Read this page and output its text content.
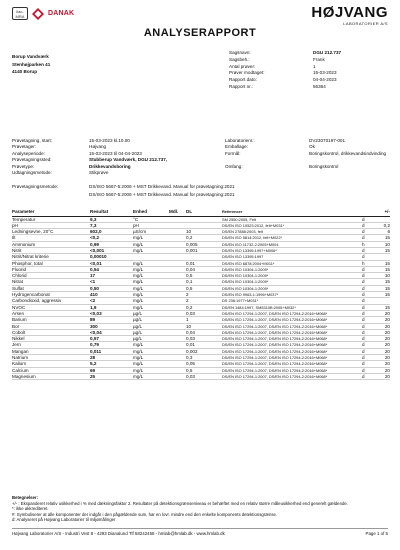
ilac-MRA	DANAK	HØJVANG
LABORATORIER A/S
ANALYSERAPPORT
Borup Vandværk
Stenhøjparken 41
4140 Borup
Sagsnavn:	DGU 212.737
Sagsbeh.:	Frank
Antal prøver:	1
Prøver modtaget:	15-03-2023
Rapport dato:	04-04-2023
Rapport nr.:	56364
Prøvetagning, start:	15-03-2023 kl.10.00	Laboratorienr.:	DV23070197-001
Prøvetager:	Højvang	Emballage:	Ok
Analyseperiode:	15-03-2023 til 04-04-2023	Formål:	Boringskontrol, drikkevandsindvinding
Prøvetagningssted:	Stubberup Vandværk, DGU 212.737,
Prøvetype:	Drikkevandsboring	Omfang:	Boringskontrol
Udtagningsmetode:	Stikprøve
Prøvetagningsmetode:	DS/ISO 5667-5:2006 + MST Drikkevand. Manual for prøvetagning:2021
DS/ISO 5667-5:2006 + MST Drikkevand. Manual for prøvetagning:2021
Parameter	Resultat	Enhed	Mdl.	DL	Referencer		+/-
Temperatur	9,3	°C			SM 2550:2005, Felt	d	
pH	7,3	pH			DS/EN ISO 10523:2012, felt+M031*	d	0,2
Ledningsevne, 20°C	602,0	µS/cm		10	DS/EN 27888:2003, felt	d	6
Ilt	<0,2	mg/L		0,2	DS/EN ISO 5814:2012, felt+M022*	d	15
Ammonium	0,99	mg/L		0,005	DS/EN ISO 11732-2:2005+M004	h	10
Nitrit	<0,001	mg/L		0,001	DS/EN ISO 13395:1997+M006*	d	15
Nitrit/Nitrat kriterie	0,00010				DS/EN ISO 13395:1997	d	
Phosphor, total	<0,01	mg/L		0,01	DS/EN ISO 6878:2004+M011*	h	15
Fluorid	0,54	mg/L		0,04	DS/EN ISO 10304-1:2009*	d	15
Chlorid	17	mg/L		0,5	DS/EN ISO 10304-1:2009*	d	10
Nitrat	<1	mg/L		0,1	DS/EN ISO 10304-1:2009*	d	15
Sulfat	0,50	mg/L		0,5	DS/EN ISO 10304-1:2009*	d	15
Hydrogencarbonat	410	mg/L		2	DS/EN ISO 9963-1:1996+M037*	d	15
Carbondioxid, aggressiv	<2	mg/L		2	DS 236:1977+M031*	d	
NVOC	1,9	mg/L		0,2	DS/EN 1484:1997, SM5310B:2005+M032*	d	15
Arsen	<0,03	µg/L		0,03	DS/EN ISO 17294-1:2007, DS/EN ISO 17294-2:2016+M068*	d	20
Barium	89	µg/L		1	DS/EN ISO 17294-1:2007, DS/EN ISO 17294-2:2016+M068*	d	20
Bor	300	µg/L		10	DS/EN ISO 17294-1:2007, DS/EN ISO 17294-2:2016+M068*	d	20
Cobolt	<0,04	µg/L		0,04	DS/EN ISO 17294-1:2007, DS/EN ISO 17294-2:2016+M068*	d	20
Nikkel	0,57	µg/L		0,03	DS/EN ISO 17294-1:2007, DS/EN ISO 17294-2:2016+M068*	d	20
Jern	0,79	mg/L		0,01	DS/EN ISO 17294-1:2007, DS/EN ISO 17294-2:2016+M068*	d	20
Mangan	0,011	mg/L		0,002	DS/EN ISO 17294-1:2007, DS/EN ISO 17294-2:2016+M068*	d	20
Natrium	28	mg/L		0,3	DS/EN ISO 17294-1:2007, DS/EN ISO 17294-2:2016+M068*	d	20
Kalium	5,2	mg/L		0,05	DS/EN ISO 17294-1:2007, DS/EN ISO 17294-2:2016+M068*	d	20
Calcium	69	mg/L		0,5	DS/EN ISO 17294-1:2007, DS/EN ISO 17294-2:2016+M068*	d	20
Magnesium	25	mg/L		0,03	DS/EN ISO 17294-1:2007, DS/EN ISO 17294-2:2016+M068*	d	20
Betegnelser:
+/- : Ekspanderet relativ usikkerhed i % med dækningsfaktor 2. Resultater på detektionsgrænseniveau er behæftet med en relativ større måleusikkerhed end generelt gældende.
*: ikke akkrediteret.
#: Symboliserer at alle komponenter der indgår i den pågældende sum, har en lovr. mindre end den enkelte komponents detektionsgrænse.
d: Analyseret på Højvang Laboratorier til miljømålinger
Højvang Laboratorier A/S - Industri Vest 8 - 4293 Dianalund Tlf 58242458 - hmlab@hmlab.dk - www.hmlab.dk	Page 1 of 5
